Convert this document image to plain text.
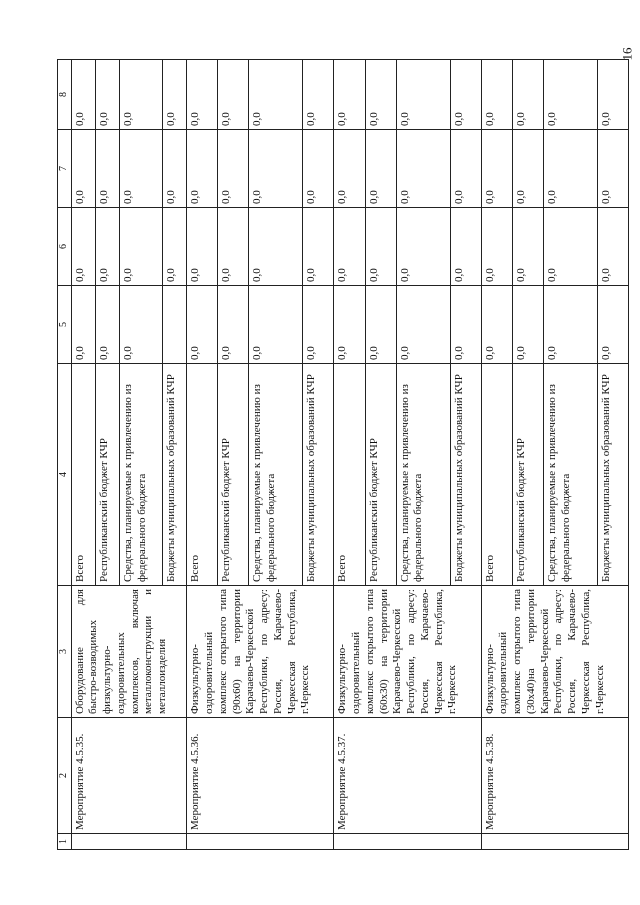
16
1	2	3	4	5	6	7	8
	Мероприятие 4.5.35.	Оборудование для быстро-возводимых физкультурно-оздоровительных комплексов, включая металлоконструкции и металлоизделия	Всего	0,0	0,0	0,0	0,0
			Республиканский бюджет КЧР	0,0	0,0	0,0	0,0
			Средства, планируемые к привлечению из федерального бюджета	0,0	0,0	0,0	0,0
			Бюджеты муниципальных образований КЧР		0,0	0,0	0,0
	Мероприятие 4.5.36.	Физкультурно-оздоровительный комплекс открытого типа (90х60) на территории Карачаево-Черкесской Республики, по адресу: Россия, Карачаево-Черкесская Республика, г.Черкесск	Всего	0,0	0,0	0,0	0,0
			Республиканский бюджет КЧР	0,0	0,0	0,0	0,0
			Средства, планируемые к привлечению из федерального бюджета	0,0	0,0	0,0	0,0
			Бюджеты муниципальных образований КЧР	0,0	0,0	0,0	0,0
	Мероприятие 4.5.37.	Физкультурно-оздоровительный комплекс открытого типа (60х30) на территории Карачаево-Черкесской Республики, по адресу: Россия, Карачаево-Черкесская Республика, г.Черкесск	Всего	0,0	0,0	0,0	0,0
			Республиканский бюджет КЧР	0,0	0,0	0,0	0,0
			Средства, планируемые к привлечению из федерального бюджета	0,0	0,0	0,0	0,0
			Бюджеты муниципальных образований КЧР	0,0	0,0	0,0	0,0
	Мероприятие 4.5.38.	Физкультурно-оздоровительный комплекс открытого типа (30х40)на территории Карачаево-Черкесской Республики, по адресу: Россия, Карачаево-Черкесская Республика, г.Черкесск	Всего	0,0	0,0	0,0	0,0
			Республиканский бюджет КЧР	0,0	0,0	0,0	0,0
			Средства, планируемые к привлечению из федерального бюджета	0,0	0,0	0,0	0,0
			Бюджеты муниципальных образований КЧР	0,0	0,0	0,0	0,0
